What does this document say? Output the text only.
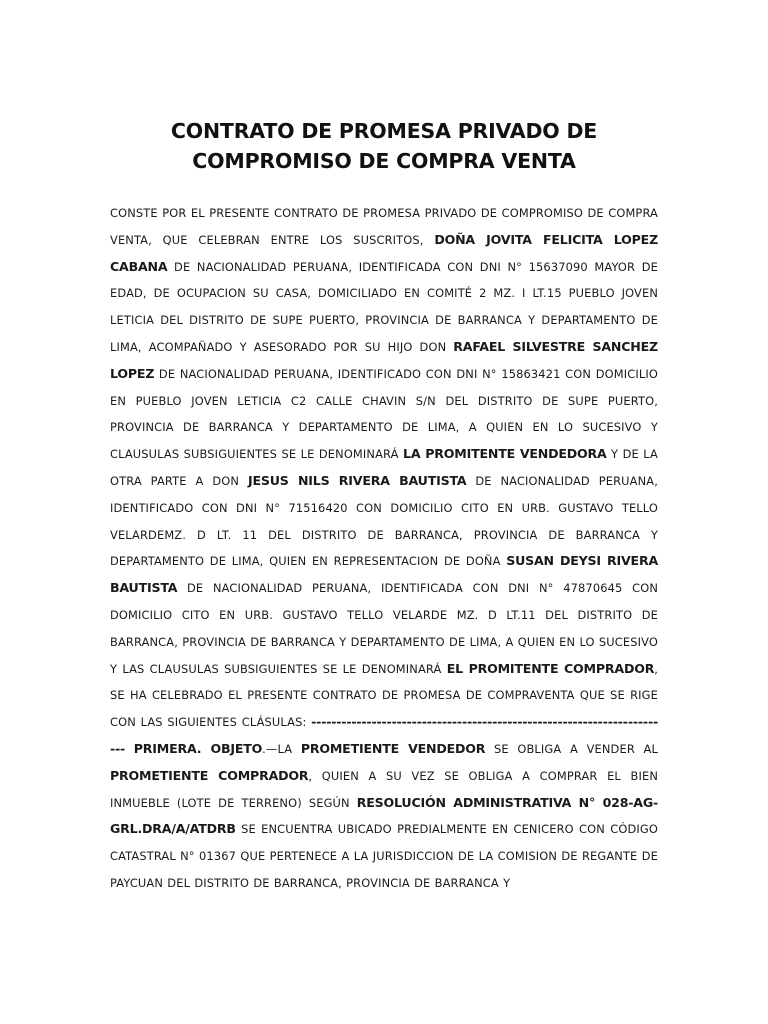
CONTRATO DE PROMESA PRIVADO DE
COMPROMISO DE COMPRA VENTA

CONSTE POR EL PRESENTE CONTRATO DE PROMESA PRIVADO DE COMPROMISO DE COMPRA VENTA, QUE CELEBRAN ENTRE LOS SUSCRITOS, DOÑA JOVITA FELICITA LOPEZ CABANA DE NACIONALIDAD PERUANA, IDENTIFICADA CON DNI N° 15637090 MAYOR DE EDAD, DE OCUPACION SU CASA, DOMICILIADO EN COMITÉ 2 MZ. I LT.15 PUEBLO JOVEN LETICIA DEL DISTRITO DE SUPE PUERTO, PROVINCIA DE BARRANCA Y DEPARTAMENTO DE LIMA, ACOMPAÑADO Y ASESORADO POR SU HIJO DON RAFAEL SILVESTRE SANCHEZ LOPEZ DE NACIONALIDAD PERUANA, IDENTIFICADO CON DNI N° 15863421 CON DOMICILIO EN PUEBLO JOVEN LETICIA C2 CALLE CHAVIN S/N DEL DISTRITO DE SUPE PUERTO, PROVINCIA DE BARRANCA Y DEPARTAMENTO DE LIMA, A QUIEN EN LO SUCESIVO Y CLAUSULAS SUBSIGUIENTES SE LE DENOMINARÁ LA PROMITENTE VENDEDORA Y DE LA OTRA PARTE A DON JESUS NILS RIVERA BAUTISTA DE NACIONALIDAD PERUANA, IDENTIFICADO CON DNI N° 71516420 CON DOMICILIO CITO EN URB. GUSTAVO TELLO VELARDEMZ. D LT. 11 DEL DISTRITO DE BARRANCA, PROVINCIA DE BARRANCA Y DEPARTAMENTO DE LIMA, QUIEN EN REPRESENTACION DE DOÑA SUSAN DEYSI RIVERA BAUTISTA DE NACIONALIDAD PERUANA, IDENTIFICADA CON DNI N° 47870645 CON DOMICILIO CITO EN URB. GUSTAVO TELLO VELARDE MZ. D LT.11 DEL DISTRITO DE BARRANCA, PROVINCIA DE BARRANCA Y DEPARTAMENTO DE LIMA, A QUIEN EN LO SUCESIVO Y LAS CLAUSULAS SUBSIGUIENTES SE LE DENOMINARÁ EL PROMITENTE COMPRADOR, SE HA CELEBRADO EL PRESENTE CONTRATO DE PROMESA DE COMPRAVENTA QUE SE RIGE CON LAS SIGUIENTES CLÁSULAS: ------------------------------------------------------------------------ PRIMERA. OBJETO.—LA PROMETIENTE VENDEDOR SE OBLIGA A VENDER AL PROMETIENTE COMPRADOR, QUIEN A SU VEZ SE OBLIGA A COMPRAR EL BIEN INMUEBLE (LOTE DE TERRENO) SEGÚN RESOLUCIÓN ADMINISTRATIVA N° 028-AG-GRL.DRA/A/ATDRB SE ENCUENTRA UBICADO PREDIALMENTE EN CENICERO CON CÓDIGO CATASTRAL N° 01367 QUE PERTENECE A LA JURISDICCION DE LA COMISION DE REGANTE DE PAYCUAN DEL DISTRITO DE BARRANCA, PROVINCIA DE BARRANCA Y
